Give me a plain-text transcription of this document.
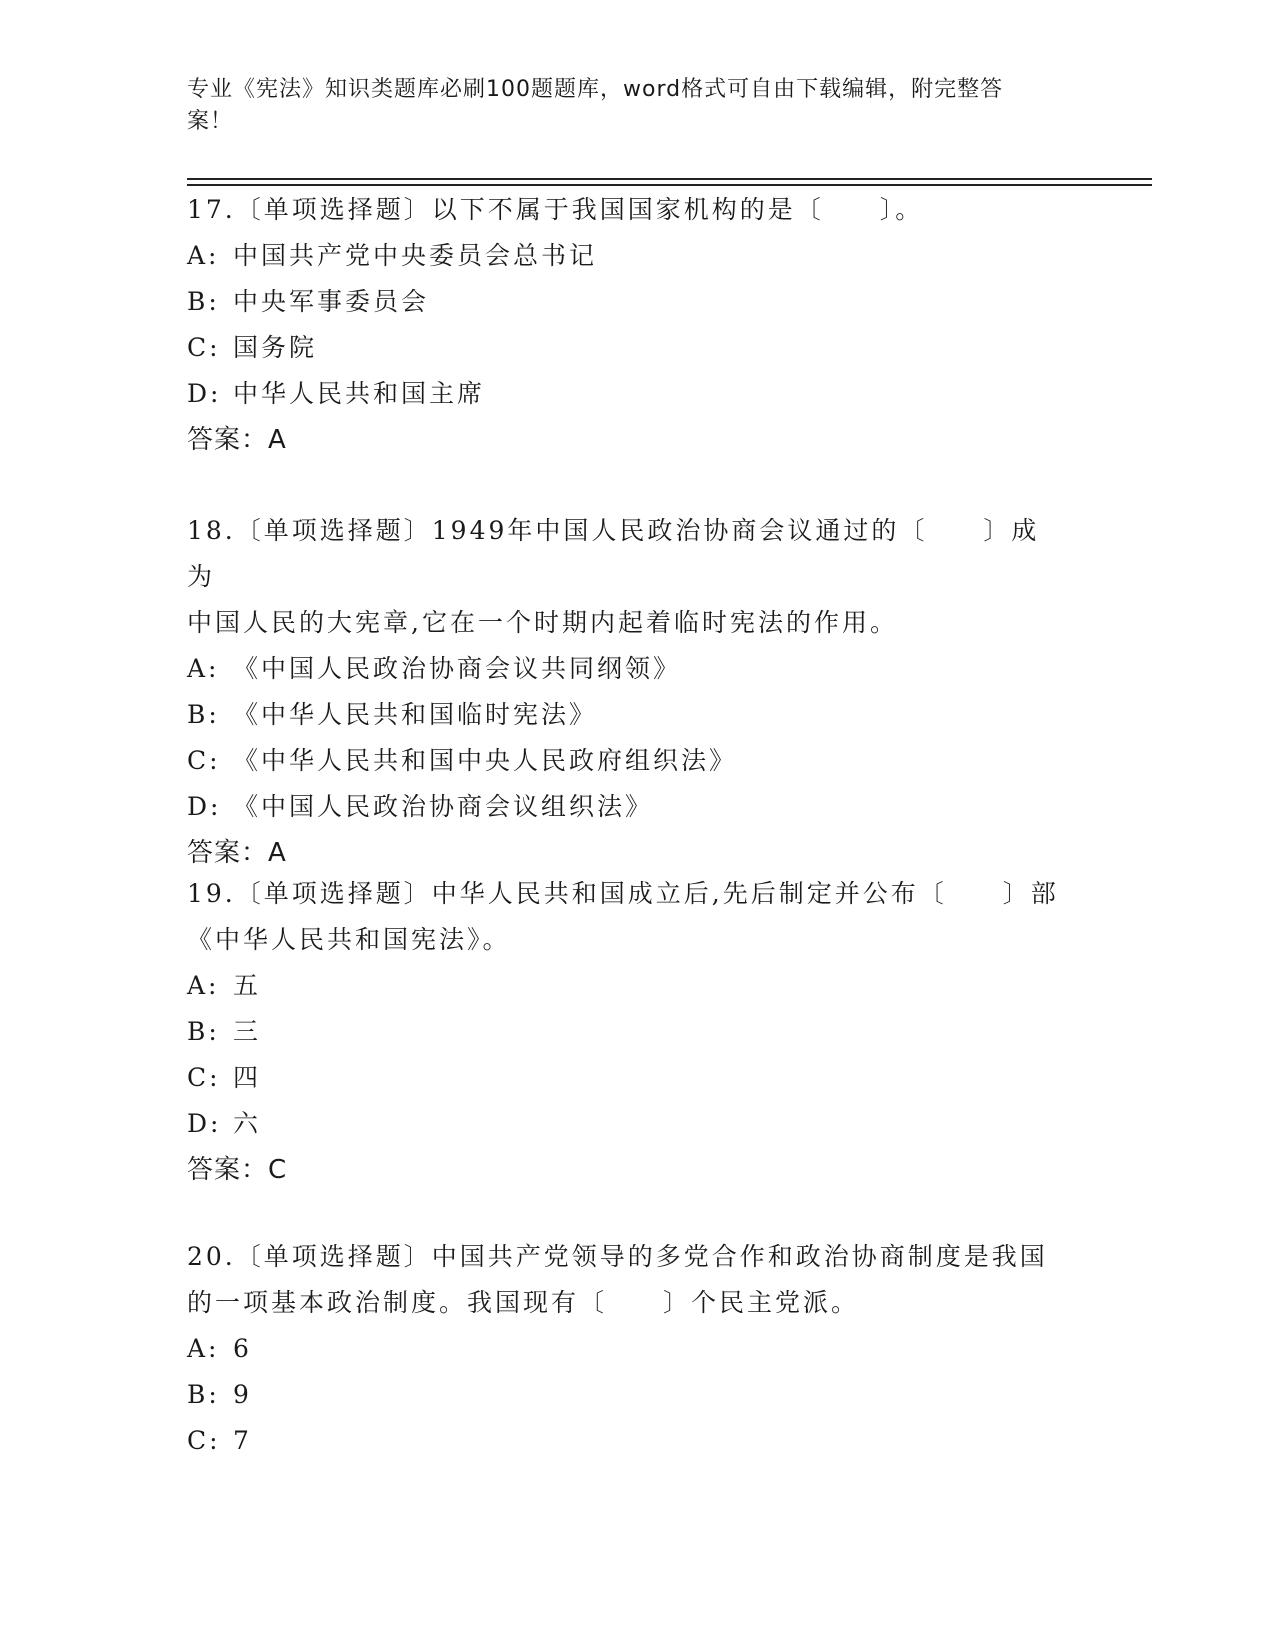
专业《宪法》知识类题库必刷100题题库，word格式可自由下载编辑，附完整答
案！
17.〔单项选择题〕以下不属于我国国家机构的是〔　　〕。
A: 中国共产党中央委员会总书记
B: 中央军事委员会
C: 国务院
D: 中华人民共和国主席
答案：A
18.〔单项选择题〕1949年中国人民政治协商会议通过的〔　　〕成为
中国人民的大宪章,它在一个时期内起着临时宪法的作用。
A: 《中国人民政治协商会议共同纲领》
B: 《中华人民共和国临时宪法》
C: 《中华人民共和国中央人民政府组织法》
D: 《中国人民政治协商会议组织法》
答案：A
19.〔单项选择题〕中华人民共和国成立后,先后制定并公布〔　　〕部
《中华人民共和国宪法》。
A: 五
B: 三
C: 四
D: 六
答案：C
20.〔单项选择题〕中国共产党领导的多党合作和政治协商制度是我国
的一项基本政治制度。我国现有〔　　〕个民主党派。
A: 6
B: 9
C: 7
